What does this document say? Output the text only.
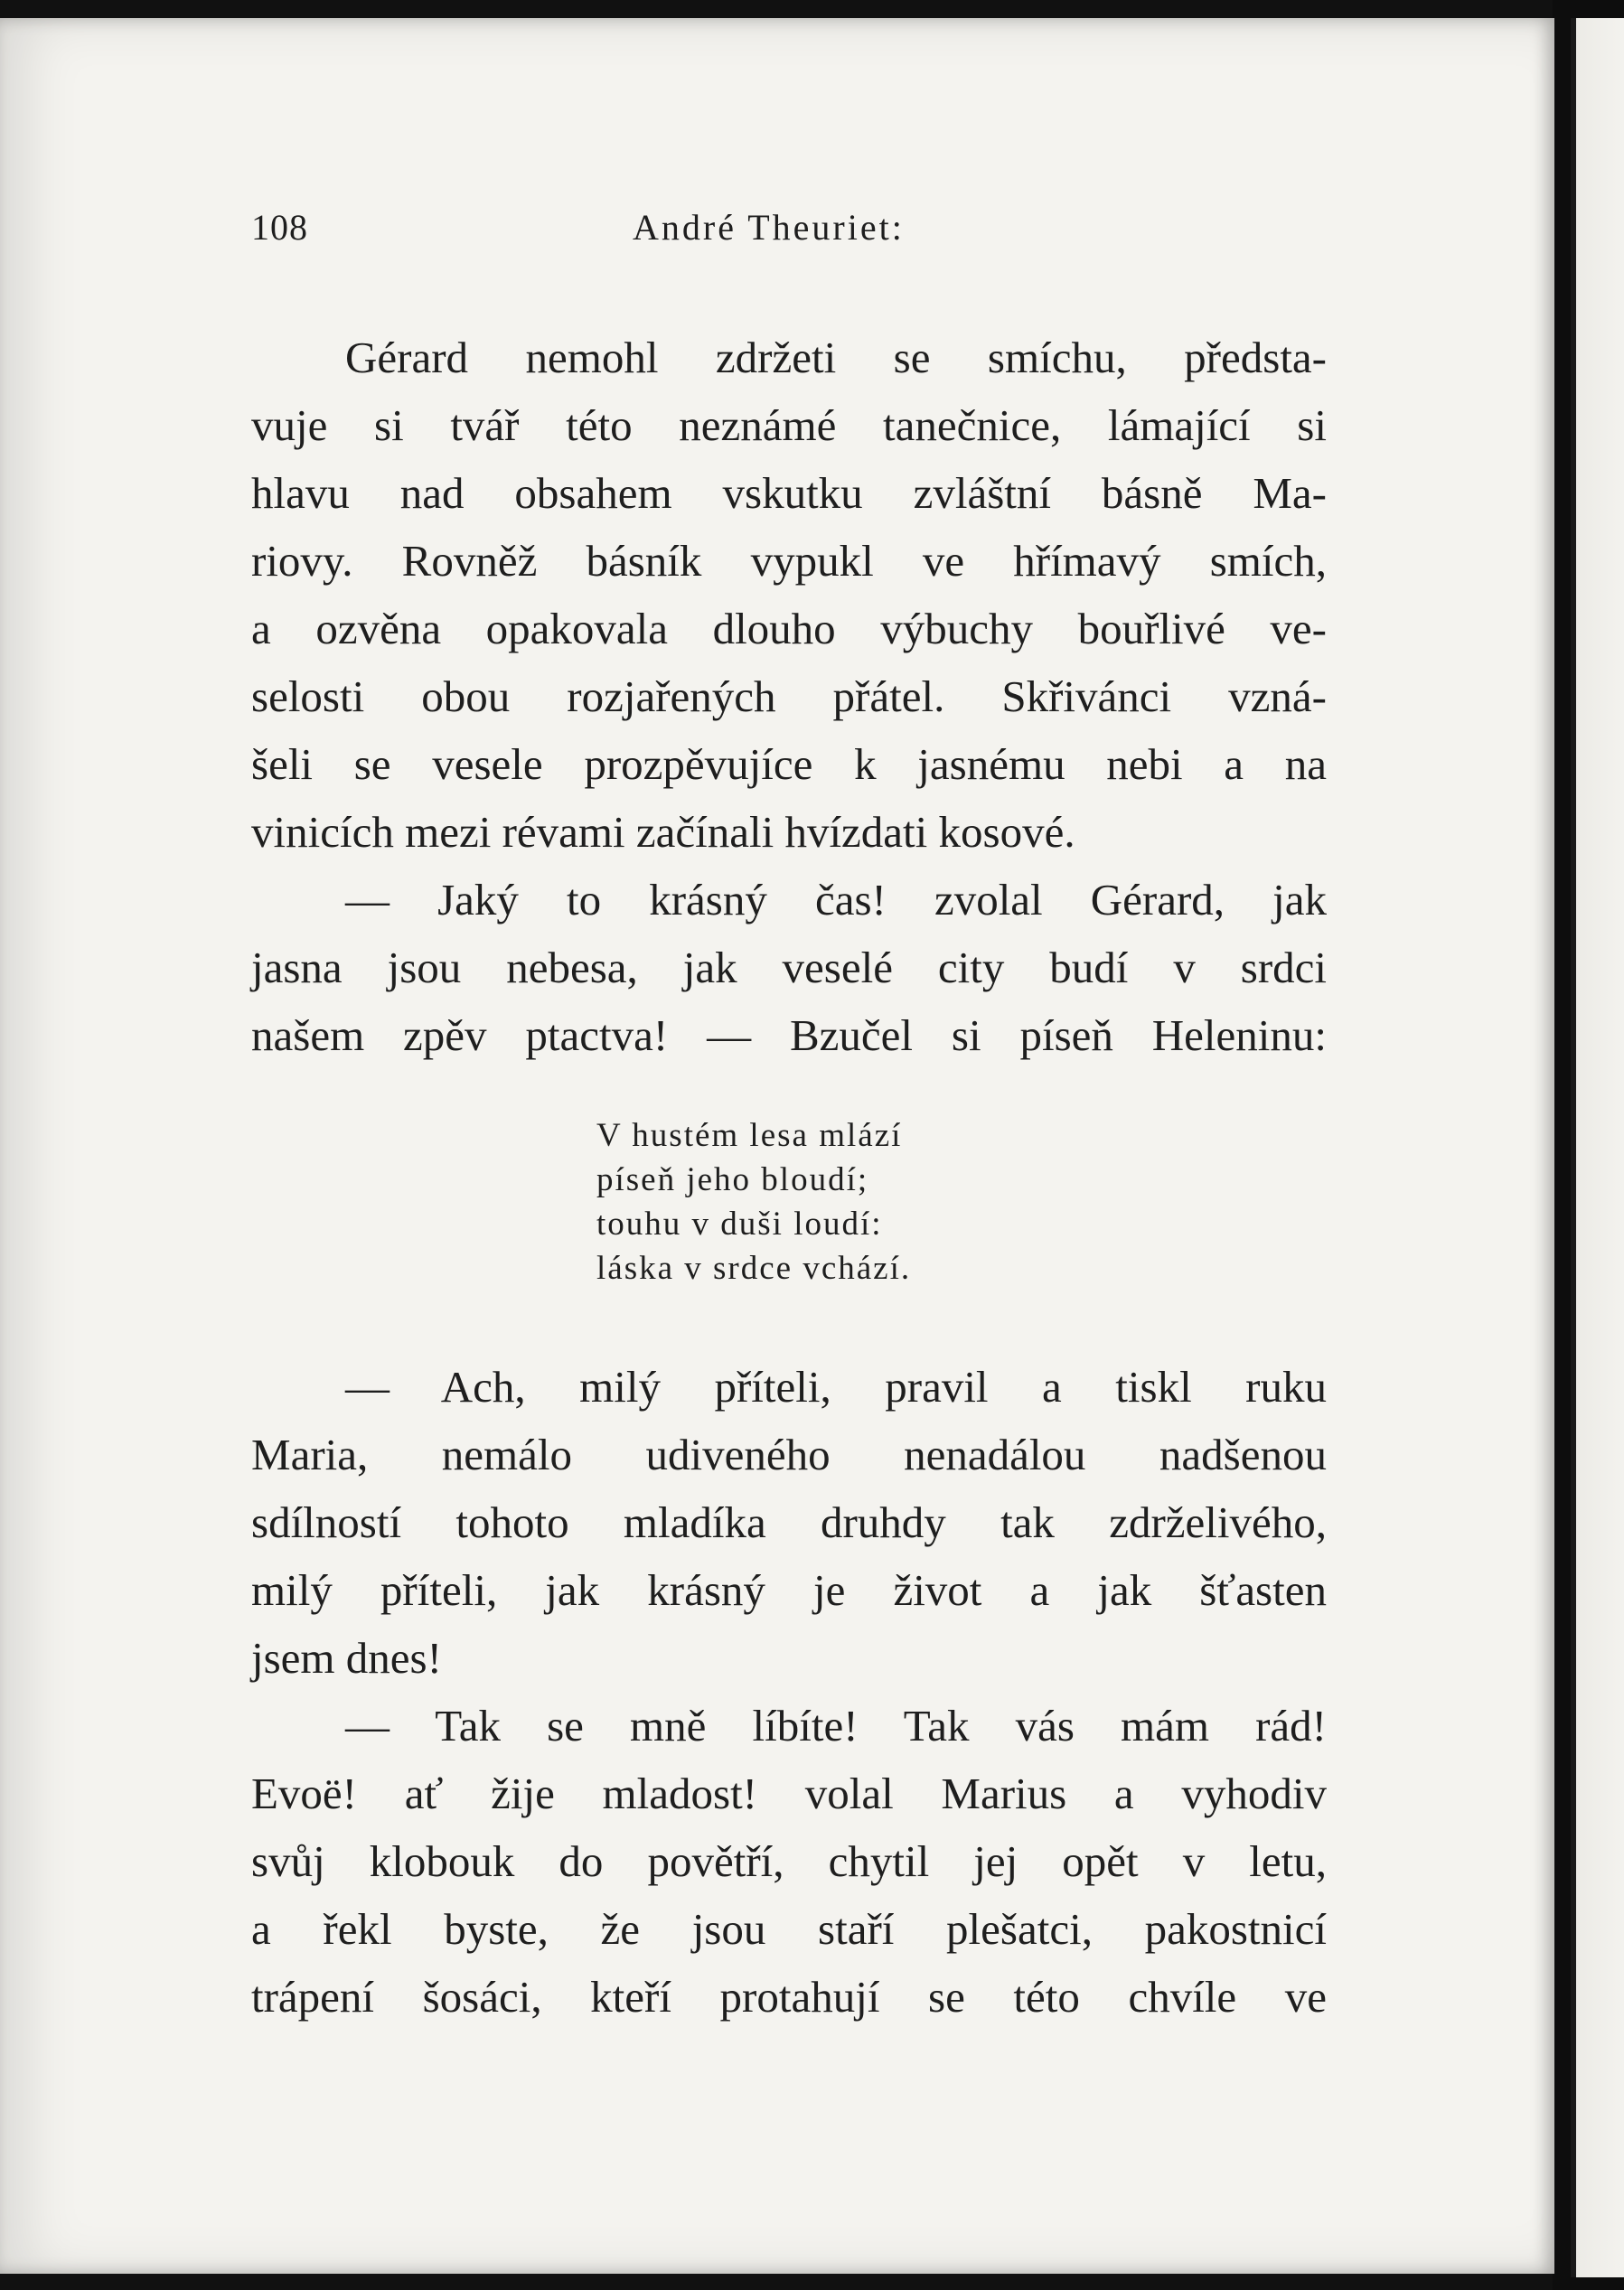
108	André Theuriet:
Gérard nemohl zdržeti se smíchu, předsta-
vuje si tvář této neznámé tanečnice, lámající si
hlavu nad obsahem vskutku zvláštní básně Ma-
riovy. Rovněž básník vypukl ve hřímavý smích,
a ozvěna opakovala dlouho výbuchy bouřlivé ve-
selosti obou rozjařených přátel. Skřivánci vzná-
šeli se vesele prozpěvujíce k jasnému nebi a na
vinicích mezi révami začínali hvízdati kosové.
— Jaký to krásný čas! zvolal Gérard, jak
jasna jsou nebesa, jak veselé city budí v srdci
našem zpěv ptactva! — Bzučel si píseň Heleninu:
V hustém lesa mlází
píseň jeho bloudí;
touhu v duši loudí:
láska v srdce vchází.
— Ach, milý příteli, pravil a tiskl ruku
Maria, nemálo udiveného nenadálou nadšenou
sdílností tohoto mladíka druhdy tak zdrželivého,
milý příteli, jak krásný je život a jak šťasten
jsem dnes!
— Tak se mně líbíte! Tak vás mám rád!
Evoë! ať žije mladost! volal Marius a vyhodiv
svůj klobouk do povětří, chytil jej opět v letu,
a řekl byste, že jsou staří plešatci, pakostnicí
trápení šosáci, kteří protahují se této chvíle ve
